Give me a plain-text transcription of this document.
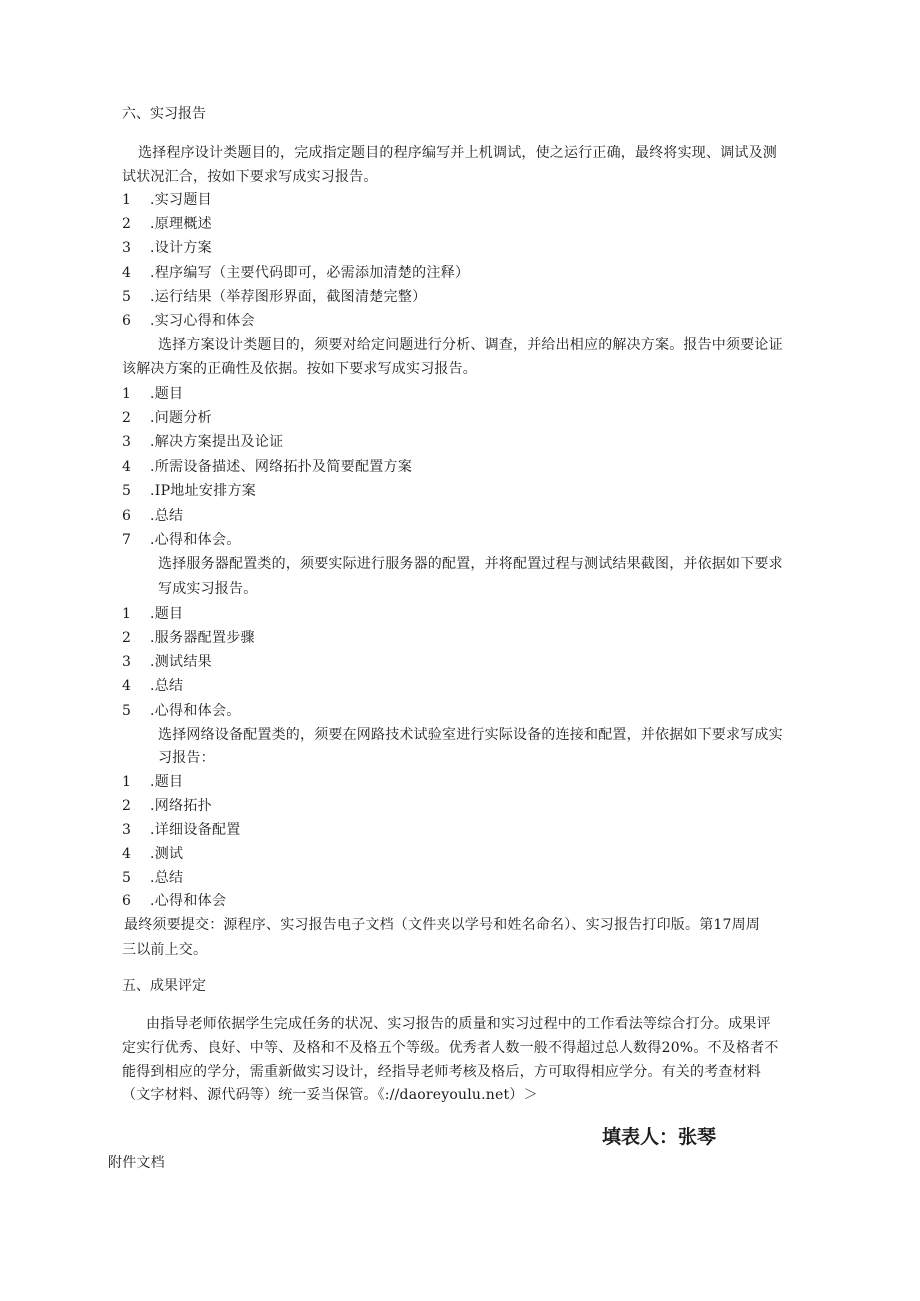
六、实习报告
选择程序设计类题目的，完成指定题目的程序编写并上机调试，使之运行正确，最终将实现、调试及测
试状况汇合，按如下要求写成实习报告。
1 .实习题目
2 .原理概述
3 .设计方案
4 .程序编写（主要代码即可，必需添加清楚的注释）
5 .运行结果（举荐图形界面，截图清楚完整）
6 .实习心得和体会
选择方案设计类题目的，须要对给定问题进行分析、调查，并给出相应的解决方案。报告中须要论证
该解决方案的正确性及依据。按如下要求写成实习报告。
1 .题目
2 .问题分析
3 .解决方案提出及论证
4 .所需设备描述、网络拓扑及简要配置方案
5 .IP地址安排方案
6 .总结
7 .心得和体会。
选择服务器配置类的，须要实际进行服务器的配置，并将配置过程与测试结果截图，并依据如下要求
写成实习报告。
1 .题目
2 .服务器配置步骤
3 .测试结果
4 .总结
5 .心得和体会。
选择网络设备配置类的，须要在网路技术试验室进行实际设备的连接和配置，并依据如下要求写成实
习报告：
1 .题目
2 .网络拓扑
3 .详细设备配置
4 .测试
5 .总结
6 .心得和体会
最终须要提交：源程序、实习报告电子文档（文件夹以学号和姓名命名）、实习报告打印版。第17周周
三以前上交。
五、成果评定
由指导老师依据学生完成任务的状况、实习报告的质量和实习过程中的工作看法等综合打分。成果评
定实行优秀、良好、中等、及格和不及格五个等级。优秀者人数一般不得超过总人数得20%。不及格者不
能得到相应的学分，需重新做实习设计，经指导老师考核及格后，方可取得相应学分。有关的考查材料
（文字材料、源代码等）统一妥当保管。《://daoreyoulu.net）＞
填表人：张琴
附件文档
